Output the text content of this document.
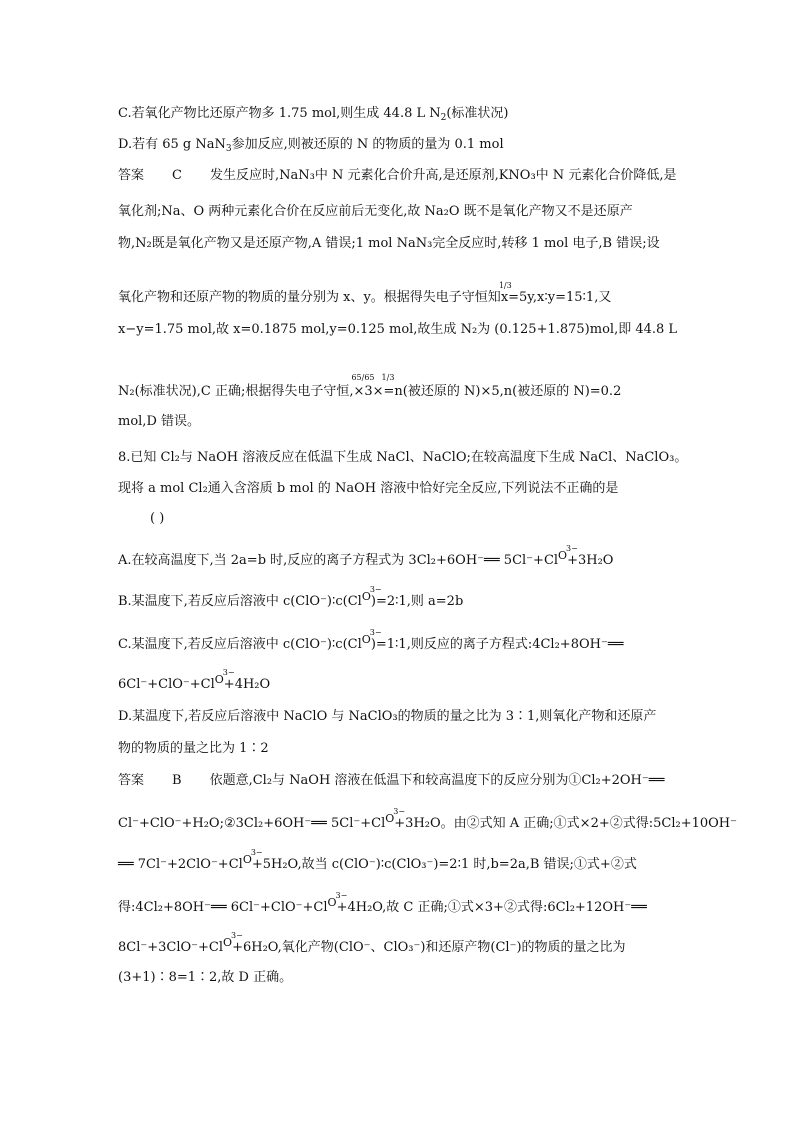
C.若氧化产物比还原产物多 1.75 mol,则生成 44.8 L $N_2$(标准状况)
D.若有 65 g NaN$_3$参加反应,则被还原的 N 的物质的量为 0.1 mol
答案 C 发生反应时,NaN₃中 N 元素化合价升高,是还原剂,KNO₃中 N 元素化合价降低,是
氧化剂;Na、O 两种元素化合价在反应前后无变化,故 Na₂O 既不是氧化产物又不是还原产
物,N₂既是氧化产物又是还原产物,A 错误;1 mol NaN₃完全反应时,转移 1 mol 电子,B 错误;设
氧化产物和还原产物的物质的量分别为 x、y。根据得失电子守恒知
1/3
x=5y,x∶y=15∶1,又
x−y=1.75 mol,故 x=0.1875 mol,y=0.125 mol,故生成 N₂为 (0.125+1.875)mol,即 44.8 L
N₂(标准状况),C 正确;根据得失电子守恒,
65/65
×3×
1/3
=n(被还原的 N)×5,n(被还原的 N)=0.2
mol,D 错误。
8.已知 Cl₂与 NaOH 溶液反应在低温下生成 NaCl、NaClO;在较高温度下生成 NaCl、NaClO₃。
现将 a mol Cl₂通入含溶质 b mol 的 NaOH 溶液中恰好完全反应,下列说法不正确的是
( )
A.在较高温度下,当 2a=b 时,反应的离子方程式为 3Cl₂+6OH⁻══ 5Cl⁻+ClO
3−
+3H₂O
B.某温度下,若反应后溶液中 c(ClO⁻)∶c(ClO
3−
)=2∶1,则 a=2b
C.某温度下,若反应后溶液中 c(ClO⁻)∶c(ClO
3−
)=1∶1,则反应的离子方程式:4Cl₂+8OH⁻══
6Cl⁻+ClO⁻+ClO
3−
+4H₂O
D.某温度下,若反应后溶液中 NaClO 与 NaClO₃的物质的量之比为 3∶1,则氧化产物和还原产
物的物质的量之比为 1∶2
答案 B 依题意,Cl₂与 NaOH 溶液在低温下和较高温度下的反应分别为①Cl₂+2OH⁻══
Cl⁻+ClO⁻+H₂O;②3Cl₂+6OH⁻══ 5Cl⁻+ClO
3−
+3H₂O。由②式知 A 正确;①式×2+②式得:5Cl₂+10OH⁻
══ 7Cl⁻+2ClO⁻+ClO
3−
+5H₂O,故当 c(ClO⁻)∶c(ClO₃⁻)=2∶1 时,b=2a,B 错误;①式+②式
得:4Cl₂+8OH⁻══ 6Cl⁻+ClO⁻+ClO
3−
+4H₂O,故 C 正确;①式×3+②式得:6Cl₂+12OH⁻══
8Cl⁻+3ClO⁻+ClO
3−
+6H₂O,氧化产物(ClO⁻、ClO₃⁻)和还原产物(Cl⁻)的物质的量之比为
(3+1)∶8=1∶2,故 D 正确。
